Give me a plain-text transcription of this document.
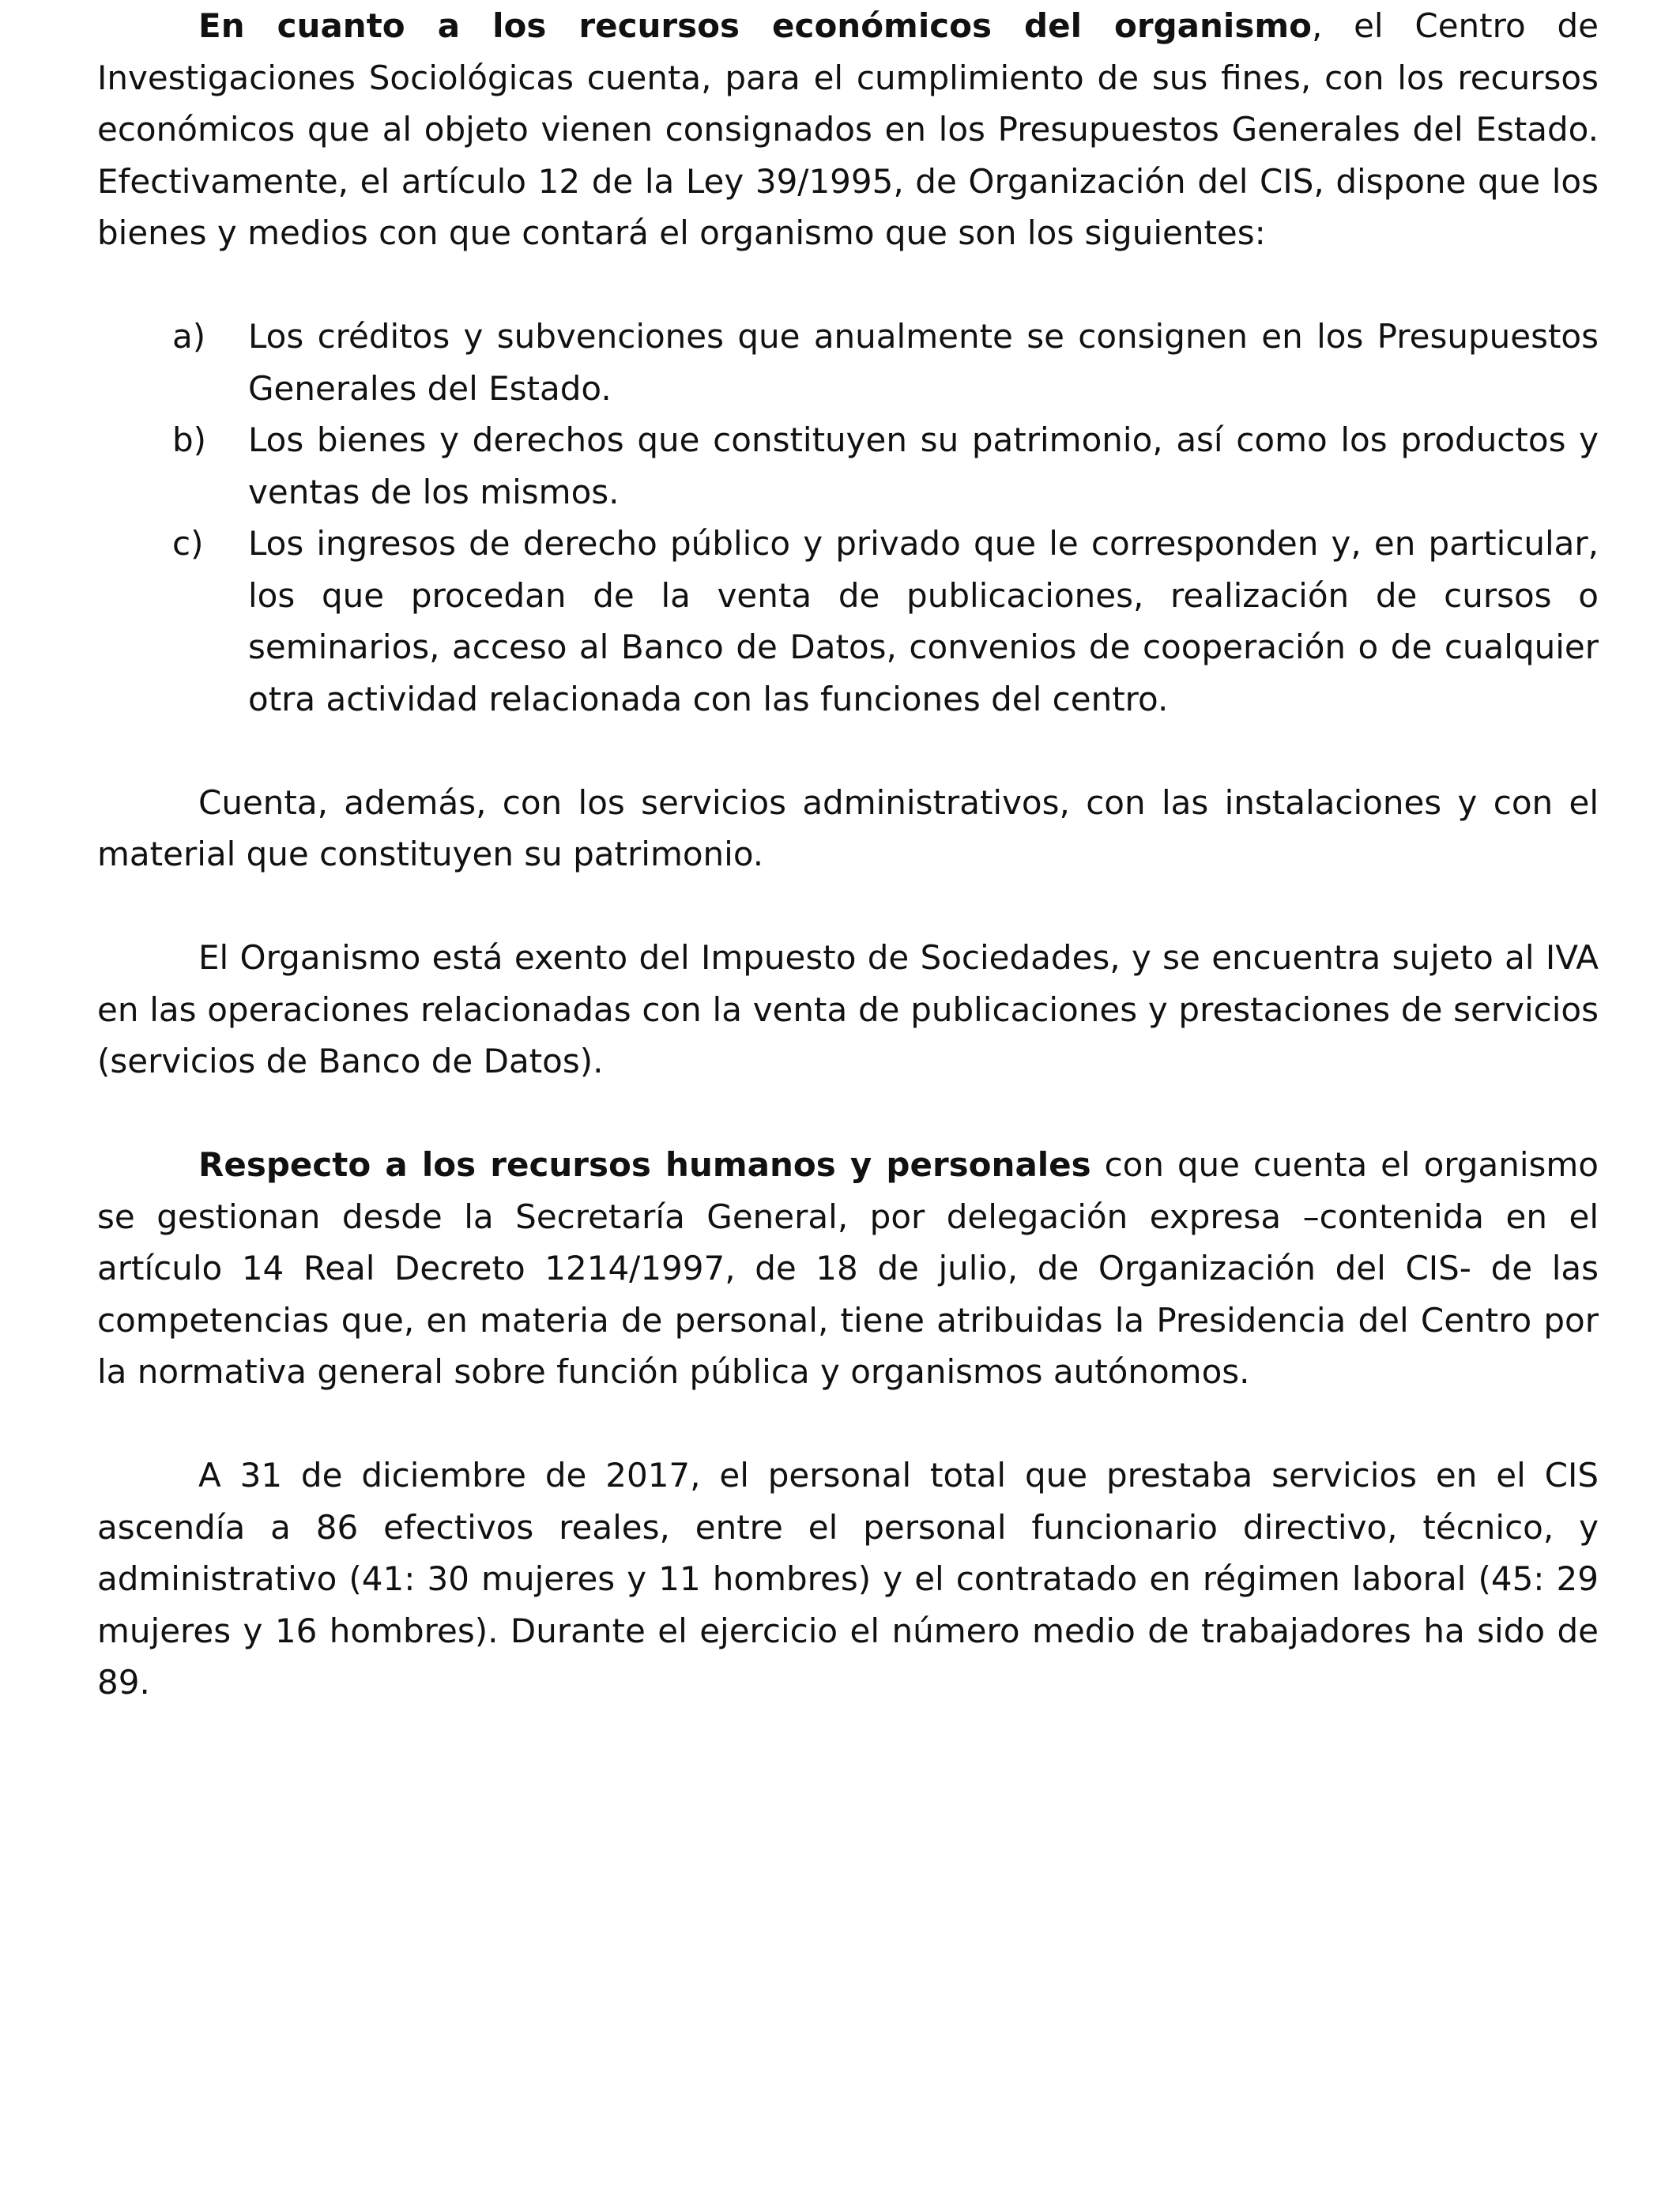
En cuanto a los recursos económicos del organismo, el Centro de Investigaciones Sociológicas cuenta, para el cumplimiento de sus fines, con los recursos económicos que al objeto vienen consignados en los Presupuestos Generales del Estado. Efectivamente, el artículo 12 de la Ley 39/1995, de Organización del CIS, dispone que los bienes y medios con que contará el organismo que son los siguientes:

a) Los créditos y subvenciones que anualmente se consignen en los Presupuestos Generales del Estado.
b) Los bienes y derechos que constituyen su patrimonio, así como los productos y ventas de los mismos.
c) Los ingresos de derecho público y privado que le corresponden y, en particular, los que procedan de la venta de publicaciones, realización de cursos o seminarios, acceso al Banco de Datos, convenios de cooperación o de cualquier otra actividad relacionada con las funciones del centro.

Cuenta, además, con los servicios administrativos, con las instalaciones y con el material que constituyen su patrimonio.

El Organismo está exento del Impuesto de Sociedades, y se encuentra sujeto al IVA en las operaciones relacionadas con la venta de publicaciones y prestaciones de servicios (servicios de Banco de Datos).

Respecto a los recursos humanos y personales con que cuenta el organismo se gestionan desde la Secretaría General, por delegación expresa –contenida en el artículo 14 Real Decreto 1214/1997, de 18 de julio, de Organización del CIS- de las competencias que, en materia de personal, tiene atribuidas la Presidencia del Centro por la normativa general sobre función pública y organismos autónomos.

A 31 de diciembre de 2017, el personal total que prestaba servicios en el CIS ascendía a 86 efectivos reales, entre el personal funcionario directivo, técnico, y administrativo (41: 30 mujeres y 11 hombres) y el contratado en régimen laboral (45: 29 mujeres y 16 hombres). Durante el ejercicio el número medio de trabajadores ha sido de 89.
